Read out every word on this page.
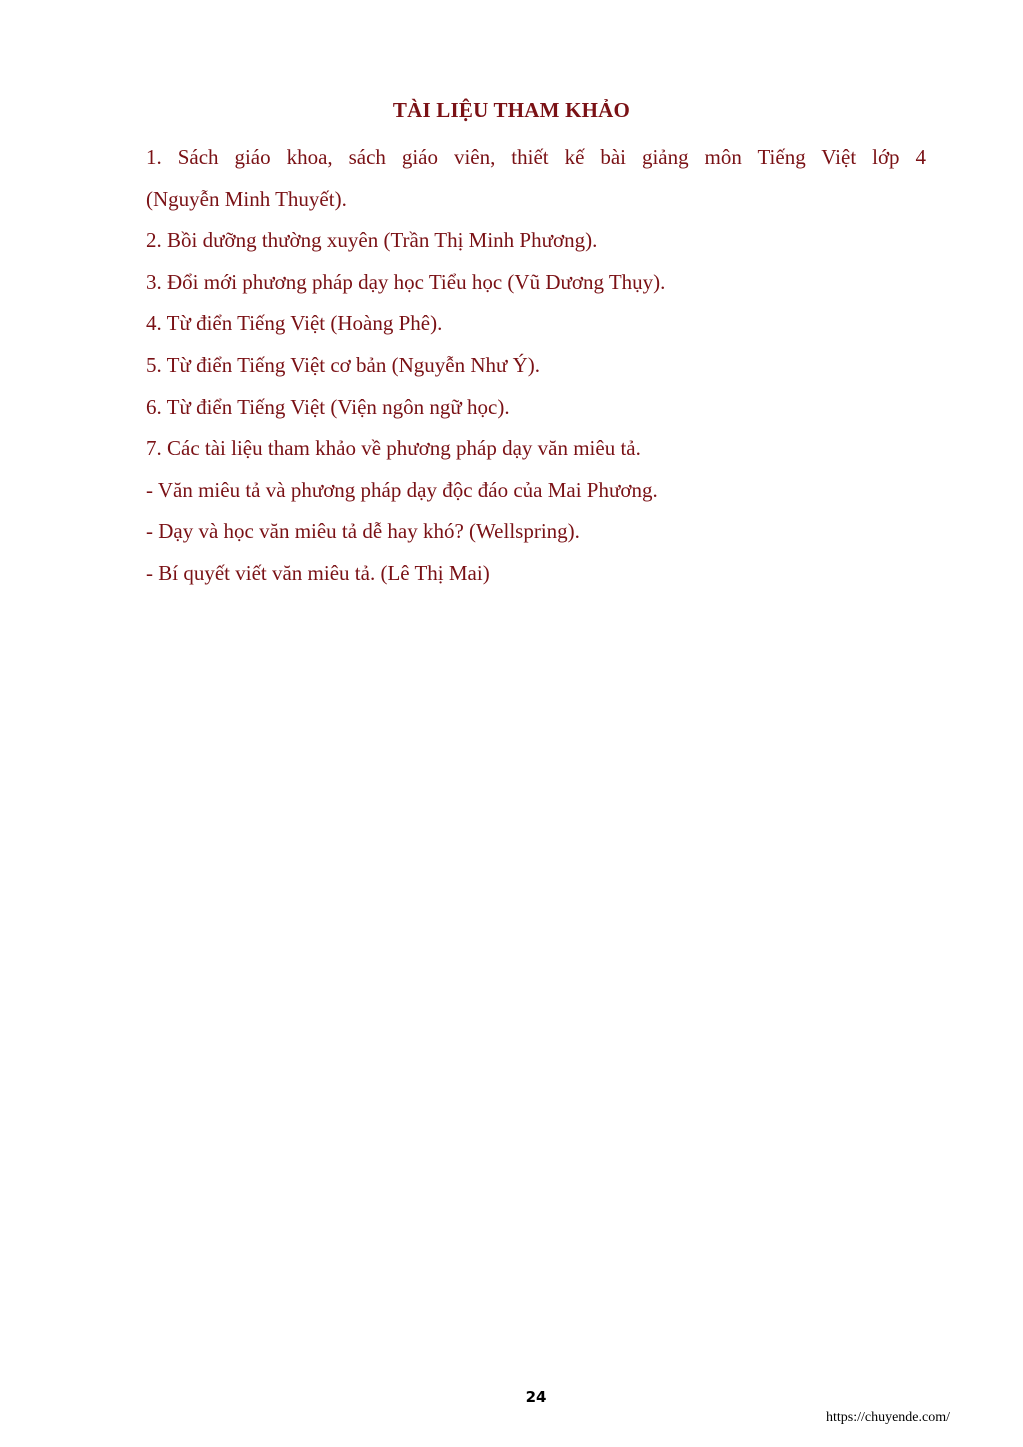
TÀI LIỆU THAM KHẢO
1. Sách giáo khoa, sách giáo viên, thiết kế bài giảng môn Tiếng Việt lớp 4
(Nguyễn Minh Thuyết).
2. Bồi dưỡng thường xuyên (Trần Thị Minh Phương).
3. Đổi mới phương pháp dạy học Tiểu học (Vũ Dương Thụy).
4. Từ điển Tiếng Việt (Hoàng Phê).
5. Từ điển Tiếng Việt cơ bản (Nguyễn Như Ý).
6. Từ điển Tiếng Việt (Viện ngôn ngữ học).
7. Các tài liệu tham khảo về phương pháp dạy văn miêu tả.
- Văn miêu tả và phương pháp dạy độc đáo của Mai Phương.
- Dạy và học văn miêu tả dễ hay khó? (Wellspring).
- Bí quyết viết văn miêu tả. (Lê Thị Mai)
24
https://chuyende.com/
